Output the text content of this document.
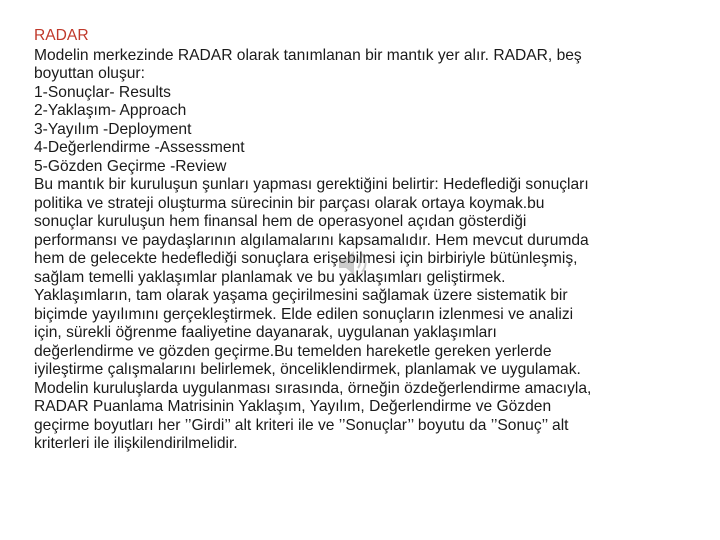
RADAR
Modelin merkezinde RADAR olarak tanımlanan bir mantık yer alır. RADAR, beş
boyuttan oluşur:
1-Sonuçlar- Results
2-Yaklaşım- Approach
3-Yayılım -Deployment
4-Değerlendirme -Assessment
5-Gözden Geçirme -Review
Bu mantık bir kuruluşun şunları yapması gerektiğini belirtir: Hedeflediği sonuçları
politika ve strateji oluşturma sürecinin bir parçası olarak ortaya koymak.bu
sonuçlar kuruluşun hem finansal hem de operasyonel açıdan gösterdiği
performansı ve paydaşlarının algılamalarını kapsamalıdır. Hem mevcut durumda
hem de gelecekte hedeflediği sonuçlara erişebilmesi için birbiriyle bütünleşmiş,
sağlam temelli yaklaşımlar planlamak ve bu yaklaşımları geliştirmek.
Yaklaşımların, tam olarak yaşama geçirilmesini sağlamak üzere sistematik bir
biçimde yayılımını gerçekleştirmek. Elde edilen sonuçların izlenmesi ve analizi
için, sürekli öğrenme faaliyetine dayanarak, uygulanan yaklaşımları
değerlendirme ve gözden geçirme.Bu temelden hareketle gereken yerlerde
iyileştirme çalışmalarını belirlemek, önceliklendirmek, planlamak ve uygulamak.
Modelin kuruluşlarda uygulanması sırasında, örneğin özdeğerlendirme amacıyla,
RADAR Puanlama Matrisinin Yaklaşım, Yayılım, Değerlendirme ve Gözden
geçirme boyutları her ’’Girdi’’ alt kriteri ile ve ’’Sonuçlar’’ boyutu da ’’Sonuç’’ alt
kriterleri ile ilişkilendirilmelidir.
